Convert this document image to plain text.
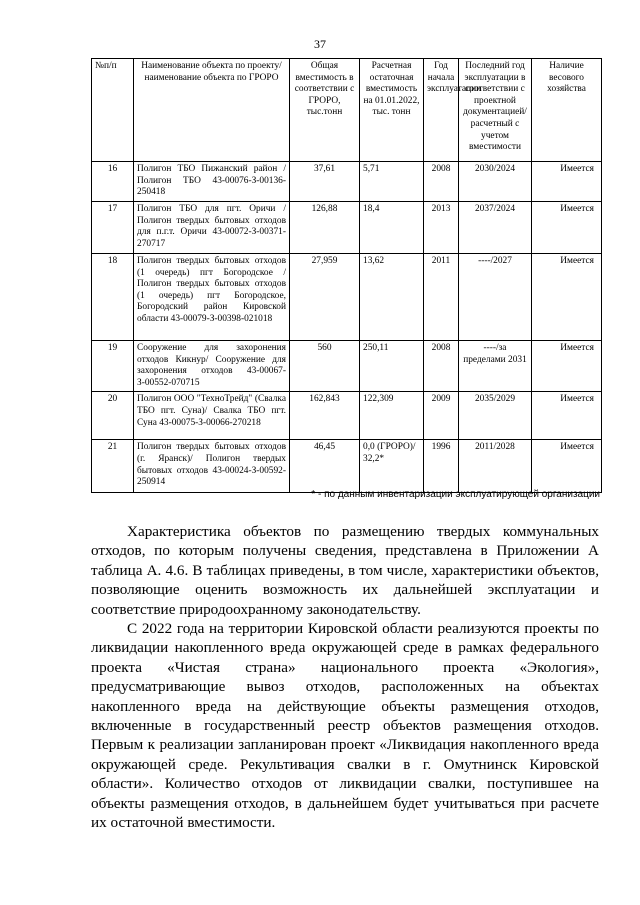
37
№п/п	Наименование объекта по проекту/ наименование объекта по ГРОРО	Общая вместимость в соответствии с ГРОРО, тыс.тонн	Расчетная остаточная вместимость на 01.01.2022, тыс. тонн	Год начала эксплуатации	Последний год эксплуатации в соответствии с проектной документацией/ расчетный с учетом вместимости	Наличие весового хозяйства
16	Полигон ТБО Пижанский район / Полигон ТБО 43-00076-З-00136-250418	37,61	5,71	2008	2030/2024	Имеется
17	Полигон ТБО для пгт. Оричи / Полигон твердых бытовых отходов для п.г.т. Оричи 43-00072-З-00371-270717	126,88	18,4	2013	2037/2024	Имеется
18	Полигон твердых бытовых отходов (1 очередь) пгт Богородское / Полигон твердых бытовых отходов (1 очередь) пгт Богородское, Богородский район Кировской области 43-00079-З-00398-021018	27,959	13,62	2011	----/2027	Имеется
19	Сооружение для захоронения отходов Кикнур/ Сооружение для захоронения отходов 43-00067-З-00552-070715	560	250,11	2008	----/за пределами 2031	Имеется
20	Полигон ООО "ТехноТрейд" (Свалка ТБО пгт. Суна)/ Свалка ТБО пгт. Суна 43-00075-З-00066-270218	162,843	122,309	2009	2035/2029	Имеется
21	Полигон твердых бытовых отходов (г. Яранск)/ Полигон твердых бытовых отходов 43-00024-З-00592-250914	46,45	0,0 (ГРОРО)/ 32,2*	1996	2011/2028	Имеется
* - по данным инвентаризации эксплуатирующей организации

Характеристика объектов по размещению твердых коммунальных отходов, по которым получены сведения, представлена в Приложении А таблица А. 4.6. В таблицах приведены, в том числе, характеристики объектов, позволяющие оценить возможность их дальнейшей эксплуатации и соответствие природоохранному законодательству.

С 2022 года на территории Кировской области реализуются проекты по ликвидации накопленного вреда окружающей среде в рамках федерального проекта «Чистая страна» национального проекта «Экология», предусматривающие вывоз отходов, расположенных на объектах накопленного вреда на действующие объекты размещения отходов, включенные в государственный реестр объектов размещения отходов. Первым к реализации запланирован проект «Ликвидация накопленного вреда окружающей среде. Рекультивация свалки в г. Омутнинск Кировской области». Количество отходов от ликвидации свалки, поступившее на объекты размещения отходов, в дальнейшем будет учитываться при расчете их остаточной вместимости.
